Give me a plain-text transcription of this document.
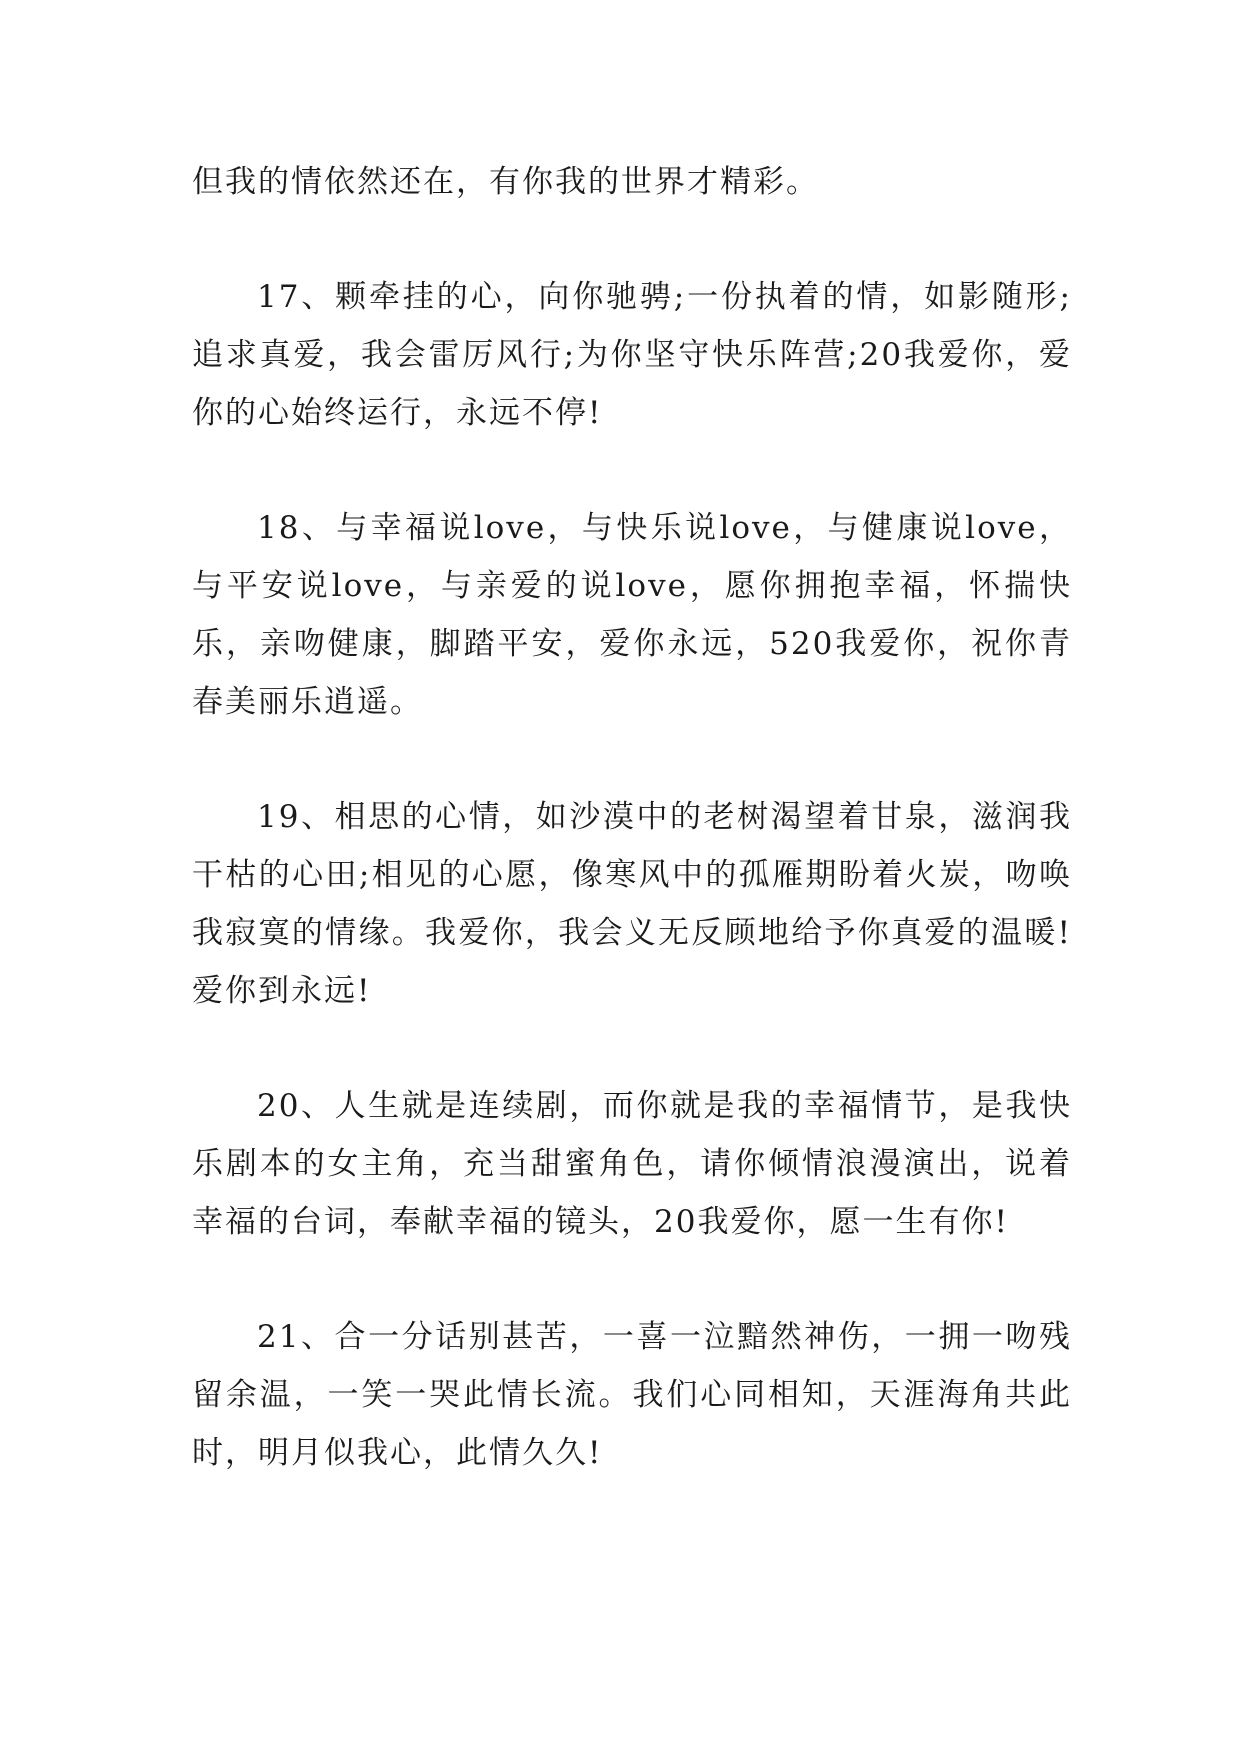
但我的情依然还在，有你我的世界才精彩。

17、颗牵挂的心，向你驰骋;一份执着的情，如影随形;追求真爱，我会雷厉风行;为你坚守快乐阵营;20我爱你，爱你的心始终运行，永远不停!

18、与幸福说love，与快乐说love，与健康说love，与平安说love，与亲爱的说love，愿你拥抱幸福，怀揣快乐，亲吻健康，脚踏平安，爱你永远，520我爱你，祝你青春美丽乐逍遥。

19、相思的心情，如沙漠中的老树渴望着甘泉，滋润我干枯的心田;相见的心愿，像寒风中的孤雁期盼着火炭，吻唤我寂寞的情缘。我爱你，我会义无反顾地给予你真爱的温暖!爱你到永远!

20、人生就是连续剧，而你就是我的幸福情节，是我快乐剧本的女主角，充当甜蜜角色，请你倾情浪漫演出，说着幸福的台词，奉献幸福的镜头，20我爱你，愿一生有你!

21、合一分话别甚苦，一喜一泣黯然神伤，一拥一吻残留余温，一笑一哭此情长流。我们心同相知，天涯海角共此时，明月似我心，此情久久!
